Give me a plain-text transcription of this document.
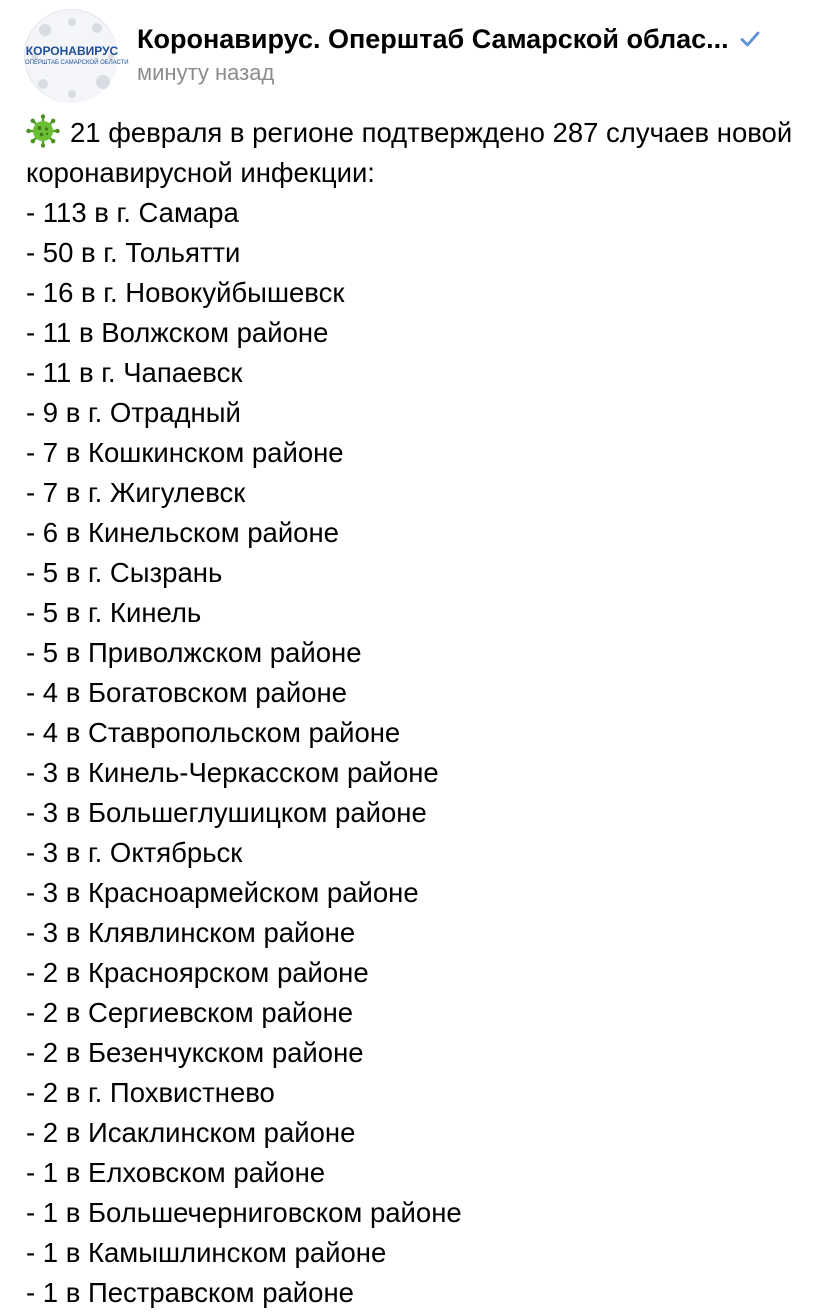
КОРОНАВИРУС
ОПЕРШТАБ САМАРСКОЙ ОБЛАСТИ
Коронавирус. Оперштаб Самарской облас...
минуту назад

21 февраля в регионе подтверждено 287 случаев новой коронавирусной инфекции:

- 113 в г. Самара
- 50 в г. Тольятти
- 16 в г. Новокуйбышевск
- 11 в Волжском районе
- 11 в г. Чапаевск
- 9 в г. Отрадный
- 7 в Кошкинском районе
- 7 в г. Жигулевск
- 6 в Кинельском районе
- 5 в г. Сызрань
- 5 в г. Кинель
- 5 в Приволжском районе
- 4 в Богатовском районе
- 4 в Ставропольском районе
- 3 в Кинель-Черкасском районе
- 3 в Большеглушицком районе
- 3 в г. Октябрьск
- 3 в Красноармейском районе
- 3 в Клявлинском районе
- 2 в Красноярском районе
- 2 в Сергиевском районе
- 2 в Безенчукском районе
- 2 в г. Похвистнево
- 2 в Исаклинском районе
- 1 в Елховском районе
- 1 в Большечерниговском районе
- 1 в Камышлинском районе
- 1 в Пестравском районе
